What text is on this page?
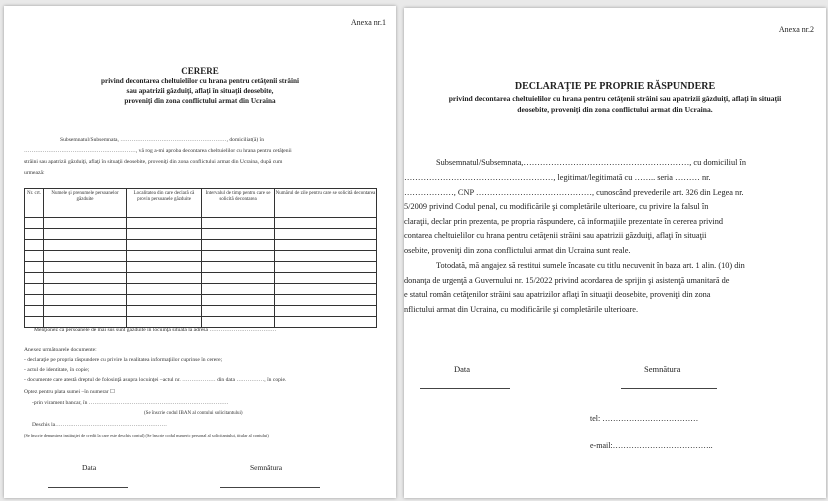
Anexa nr.1
CERERE
privind decontarea cheltuielilor cu hrana pentru cetăţenii străini
sau apatrizii găzduiţi, aflaţi în situaţii deosebite,
proveniţi din zona conflictului armat din Ucraina
Subsemnatul/Subsemnata, …………………………………………………, domiciliat(ă) în
……………………………………………………, vă rog a-mi aproba decontarea cheltuielilor cu hrana pentru cetăţenii
străini sau apatrizii găzduiţi, aflaţi în situaţii deosebite, proveniţi din zona conflictului armat din Ucraina, după cum
urmează:
Nr. crt.	Numele şi prenumele persoanelor găzduite	Localitatea din care declară că provin persoanele găzduite	Intervalul de timp pentru care se solicită decontarea	Numărul de zile pentru care se solicită decontarea

Menţionez că persoanele de mai sus sunt găzduite în locuinţa situată la adresa ………………………………
Anexez următoarele documente:
- declaraţie pe propria răspundere cu privire la realitatea informaţiilor cuprinse în cerere;
- actul de identitate, în copie;
- documente care atestă dreptul de folosinţă asupra locuinţei –actul nr. ……………… din data ……………, în copie.
Optez pentru plata sumei –în numerar ☐
-prin virament bancar, în …………………………………………………………………
(Se înscrie codul IBAN al contului solicitantului)
Deschis la……………………………………………………
(Se înscrie denumirea instituţiei de credit la care este deschis contul) (Se înscrie codul numeric personal al solicitantului, titular al contului)
Data	Semnătura
Anexa nr.2
DECLARAŢIE PE PROPRIE RĂSPUNDERE
privind decontarea cheltuielilor cu hrana pentru cetăţenii străini sau apatrizii găzduiţi, aflaţi în situaţii
deosebite, proveniţi din zona conflictului armat din Ucraina.
Subsemnatul/Subsemnata,……………………………………………………, cu domiciliul în
………………………………………………, legitimat/legitimată cu …….. seria ……… nr.
………………, CNP ……………………………………, cunoscând prevederile art. 326 din Legea nr.
5/2009 privind Codul penal, cu modificările şi completările ulterioare, cu privire la falsul în
claraţii, declar prin prezenta, pe propria răspundere, că informaţiile prezentate în cererea privind
contarea cheltuielilor cu hrana pentru cetăţenii străini sau apatrizii găzduiţi, aflaţi în situaţii
osebite, proveniţi din zona conflictului armat din Ucraina sunt reale.
Totodată, mă angajez să restitui sumele încasate cu titlu necuvenit în baza art. 1 alin. (10) din
donanţa de urgenţă a Guvernului nr. 15/2022 privind acordarea de sprijin şi asistenţă umanitară de
e statul român cetăţenilor străini sau apatrizilor aflaţi în situaţii deosebite, proveniţi din zona
nflictului armat din Ucraina, cu modificările şi completările ulterioare.
Data	Semnătura
tel: ………………………………
e-mail:………………………………..
